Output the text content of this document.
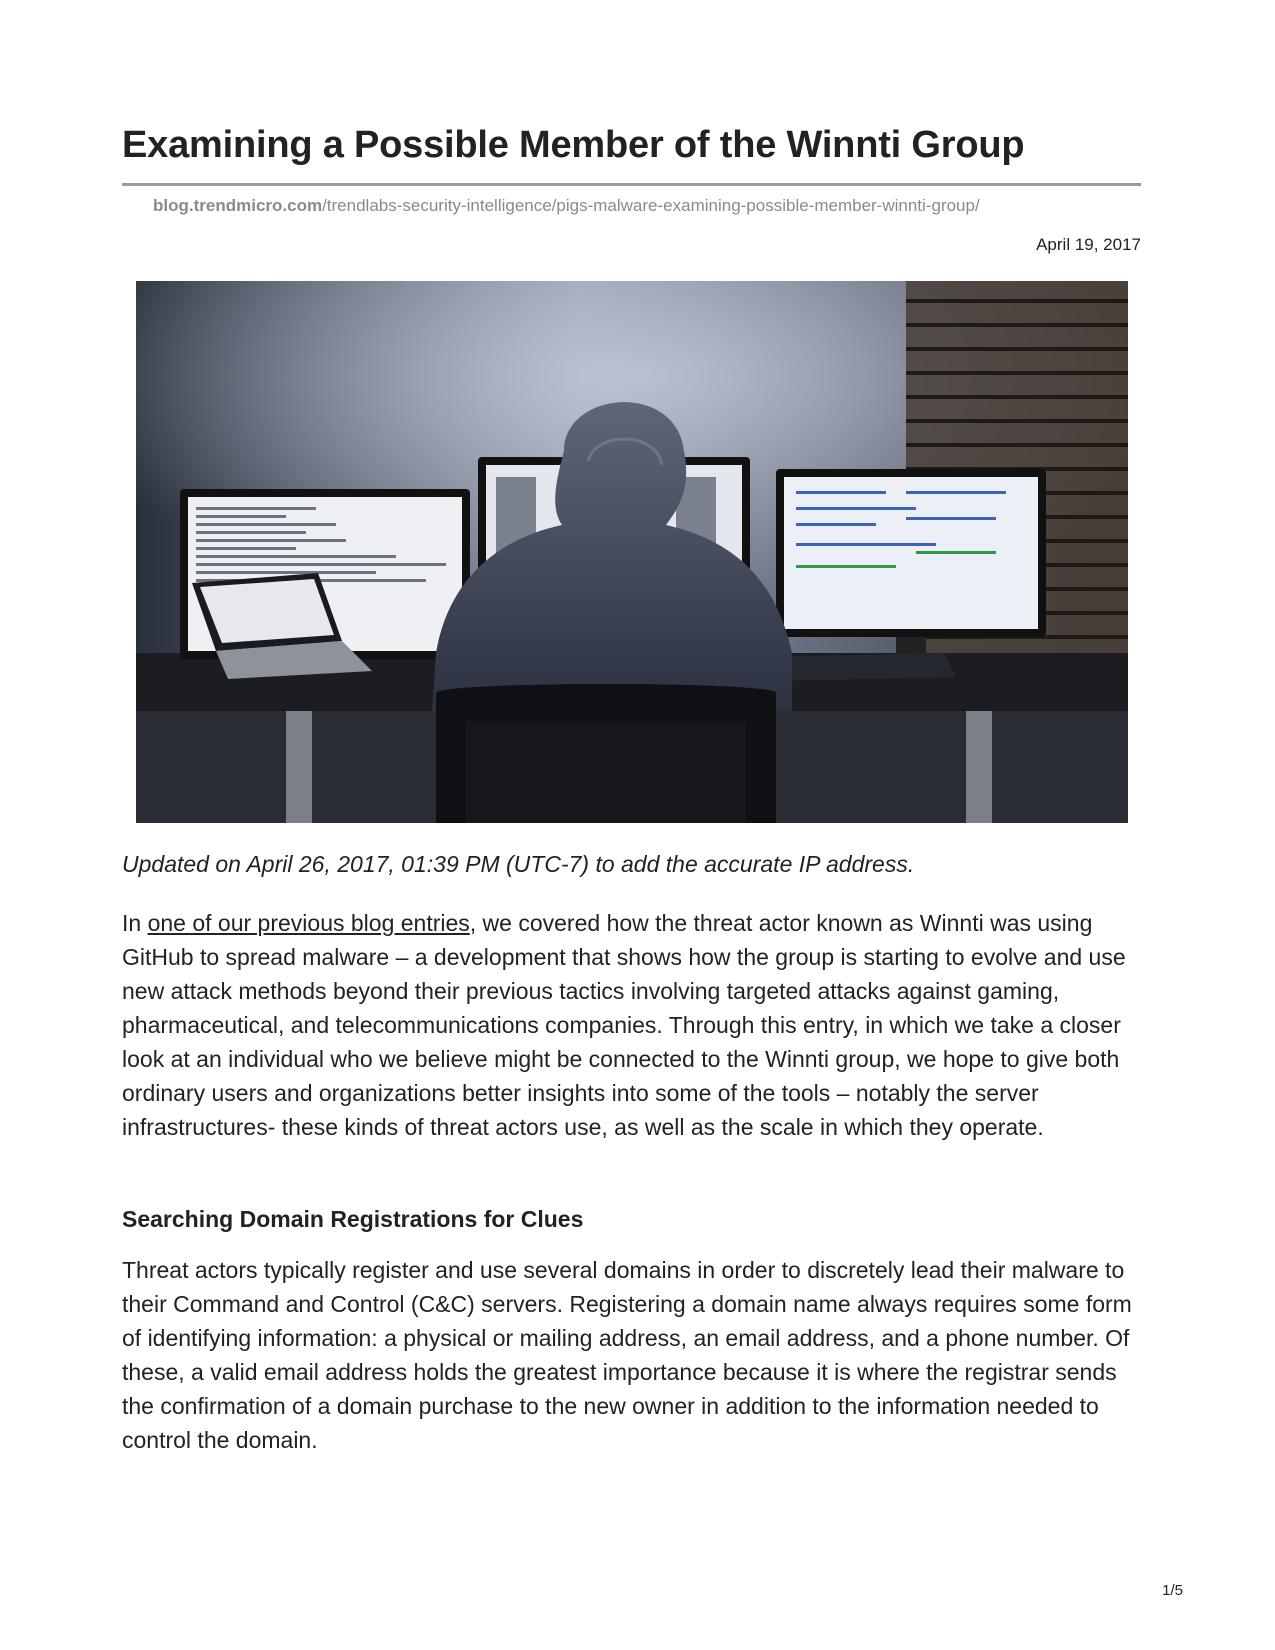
Examining a Possible Member of the Winnti Group
blog.trendmicro.com/trendlabs-security-intelligence/pigs-malware-examining-possible-member-winnti-group/
April 19, 2017
Updated on April 26, 2017, 01:39 PM (UTC-7) to add the accurate IP address.
In one of our previous blog entries, we covered how the threat actor known as Winnti was using GitHub to spread malware – a development that shows how the group is starting to evolve and use new attack methods beyond their previous tactics involving targeted attacks against gaming, pharmaceutical, and telecommunications companies. Through this entry, in which we take a closer look at an individual who we believe might be connected to the Winnti group, we hope to give both ordinary users and organizations better insights into some of the tools – notably the server infrastructures- these kinds of threat actors use, as well as the scale in which they operate.
Searching Domain Registrations for Clues
Threat actors typically register and use several domains in order to discretely lead their malware to their Command and Control (C&C) servers. Registering a domain name always requires some form of identifying information: a physical or mailing address, an email address, and a phone number. Of these, a valid email address holds the greatest importance because it is where the registrar sends the confirmation of a domain purchase to the new owner in addition to the information needed to control the domain.
1/5
